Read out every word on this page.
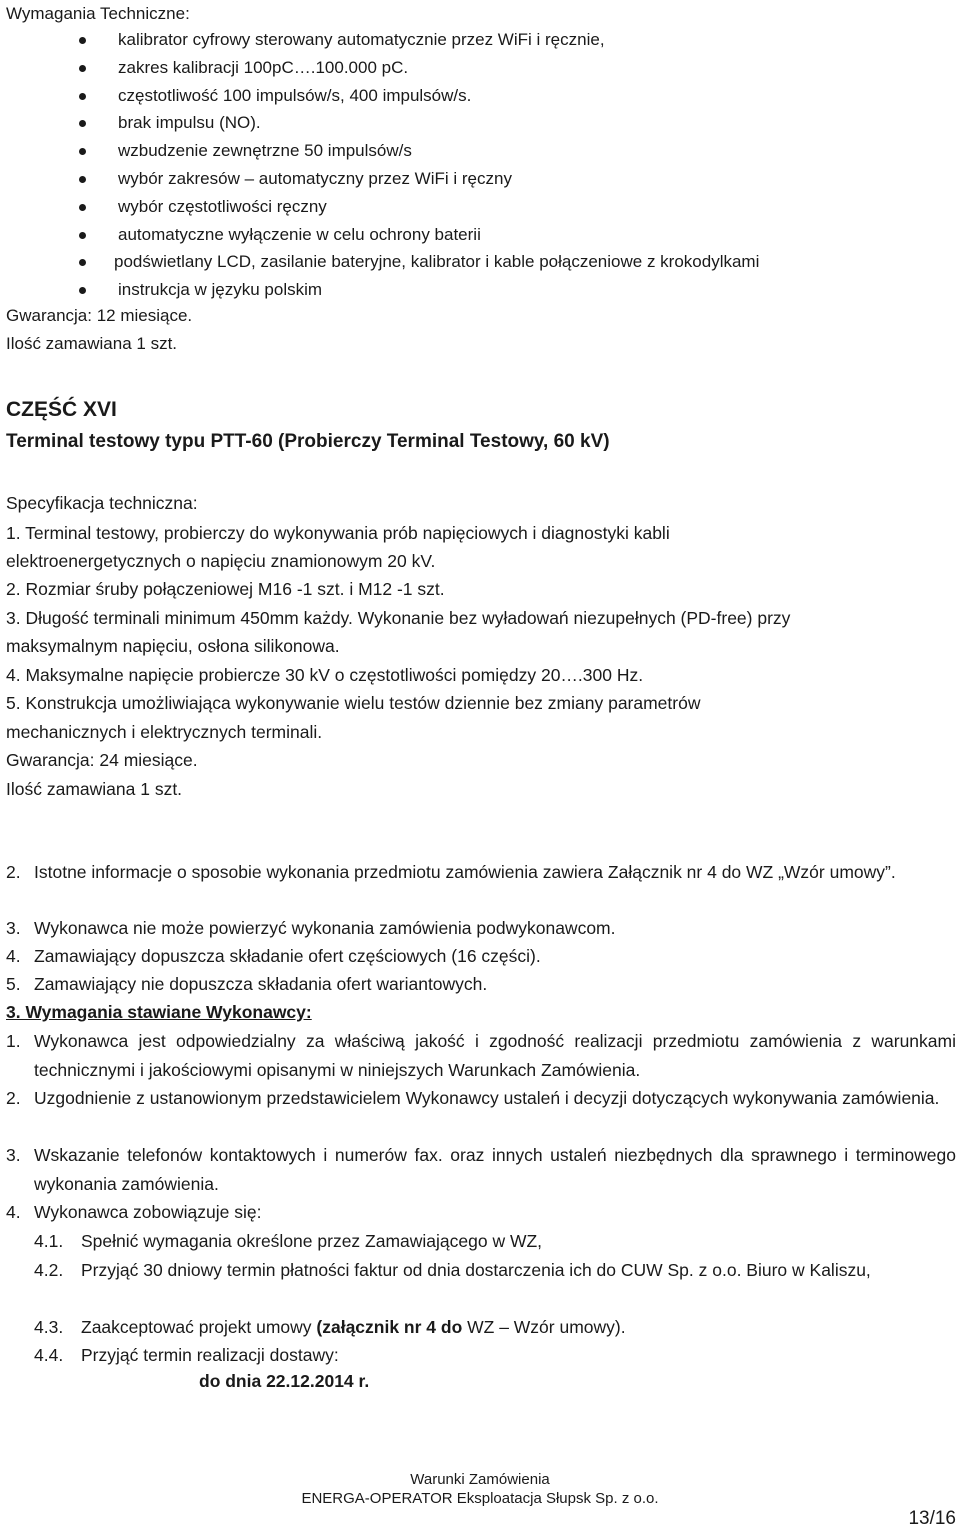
Wymagania Techniczne:
kalibrator cyfrowy sterowany automatycznie przez WiFi i ręcznie,
zakres kalibracji 100pC….100.000 pC.
częstotliwość 100 impulsów/s, 400 impulsów/s.
brak impulsu (NO).
wzbudzenie zewnętrzne 50 impulsów/s
wybór zakresów – automatyczny przez WiFi i ręczny
wybór częstotliwości ręczny
automatyczne wyłączenie w celu ochrony baterii
podświetlany LCD, zasilanie bateryjne, kalibrator i kable połączeniowe z krokodylkami
instrukcja w języku polskim
Gwarancja: 12 miesiące.
Ilość zamawiana 1 szt.
CZĘŚĆ XVI
Terminal testowy typu PTT-60 (Probierczy Terminal Testowy, 60 kV)
Specyfikacja techniczna:
1. Terminal testowy, probierczy do wykonywania prób napięciowych i diagnostyki kabli
elektroenergetycznych o napięciu znamionowym 20 kV.
2. Rozmiar śruby połączeniowej M16 -1 szt. i M12 -1 szt.
3. Długość terminali minimum 450mm każdy. Wykonanie bez wyładowań niezupełnych (PD-free) przy
maksymalnym napięciu, osłona silikonowa.
4. Maksymalne napięcie probiercze 30 kV o częstotliwości pomiędzy 20….300 Hz.
5. Konstrukcja umożliwiająca wykonywanie wielu testów dziennie bez zmiany parametrów
mechanicznych i elektrycznych terminali.
Gwarancja: 24 miesiące.
Ilość zamawiana 1 szt.
2. Istotne informacje o sposobie wykonania przedmiotu zamówienia zawiera Załącznik nr 4 do WZ „Wzór umowy”.
3. Wykonawca nie może powierzyć wykonania zamówienia podwykonawcom.
4. Zamawiający dopuszcza składanie ofert częściowych (16 części).
5. Zamawiający nie dopuszcza składania ofert wariantowych.
3. Wymagania stawiane Wykonawcy:
1. Wykonawca jest odpowiedzialny za właściwą jakość i zgodność realizacji przedmiotu zamówienia z warunkami technicznymi i jakościowymi opisanymi w niniejszych Warunkach Zamówienia.
2. Uzgodnienie z ustanowionym przedstawicielem Wykonawcy ustaleń i decyzji dotyczących wykonywania zamówienia.
3. Wskazanie telefonów kontaktowych i numerów fax. oraz innych ustaleń niezbędnych dla sprawnego i terminowego wykonania zamówienia.
4. Wykonawca zobowiązuje się:
4.1. Spełnić wymagania określone przez Zamawiającego w WZ,
4.2. Przyjąć 30 dniowy termin płatności faktur od dnia dostarczenia ich do CUW Sp. z o.o. Biuro w Kaliszu,
4.3. Zaakceptować projekt umowy (załącznik nr 4 do WZ – Wzór umowy).
4.4. Przyjąć termin realizacji dostawy:
do dnia 22.12.2014 r.
Warunki Zamówienia
ENERGA-OPERATOR Eksploatacja Słupsk Sp. z o.o.
13/16
